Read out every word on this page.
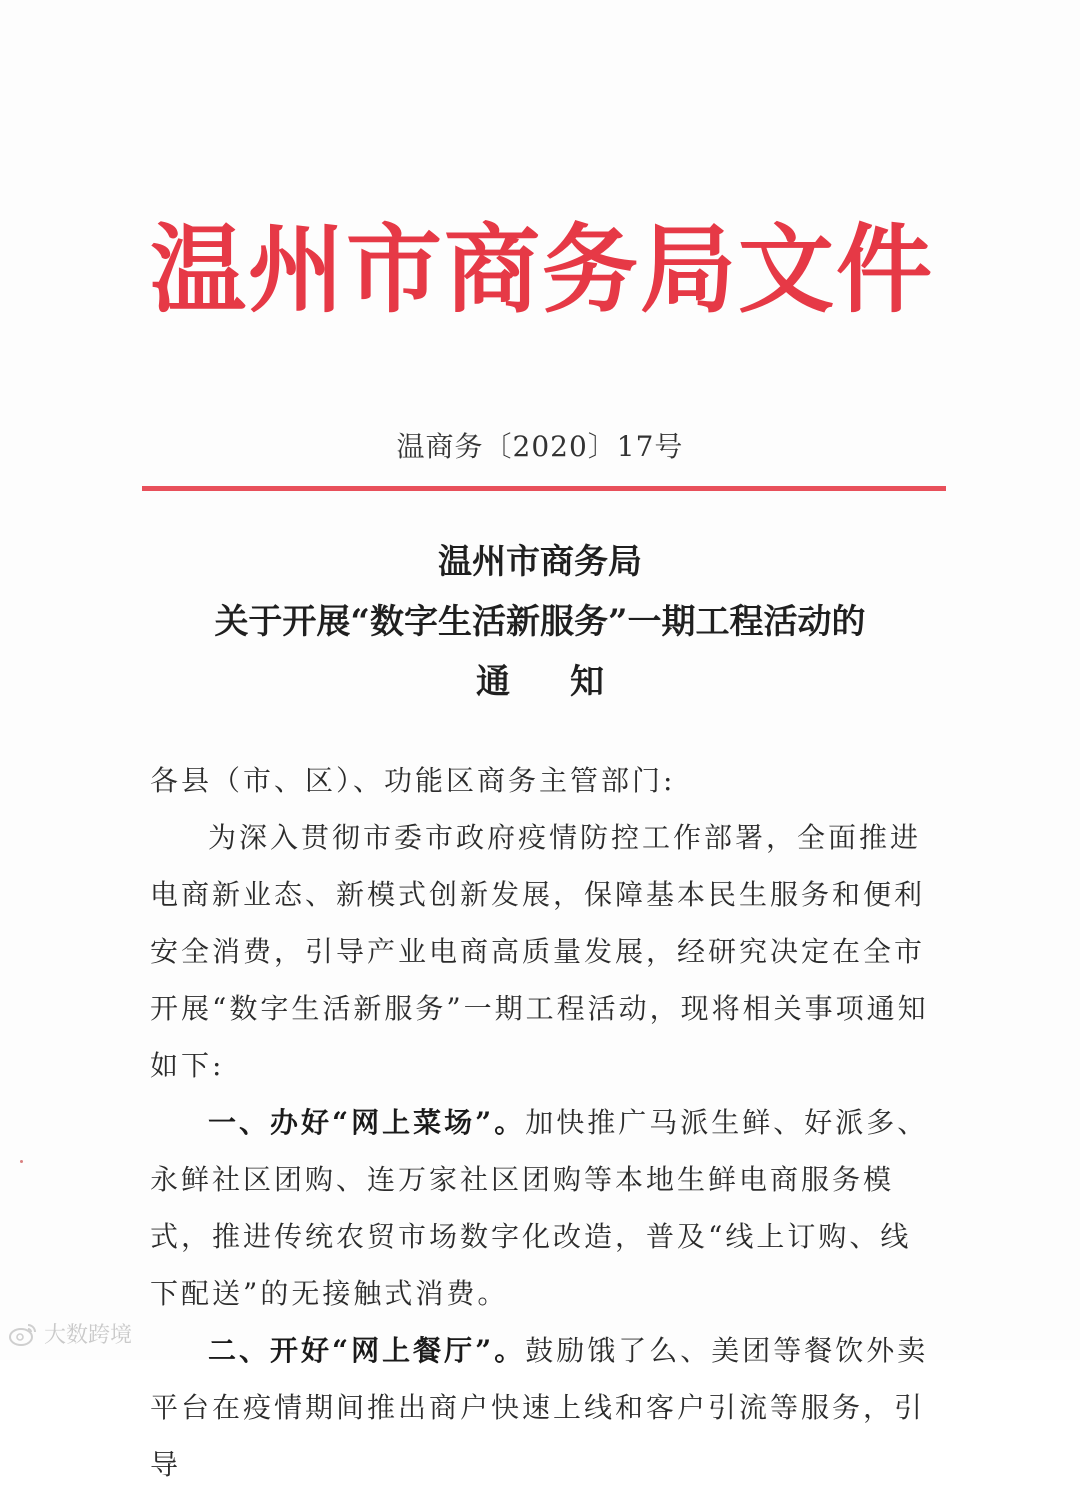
温州市商务局文件
温商务〔2020〕17号
温州市商务局
关于开展“数字生活新服务”一期工程活动的
通知

各县（市、区）、功能区商务主管部门:

为深入贯彻市委市政府疫情防控工作部署，全面推进电商新业态、新模式创新发展，保障基本民生服务和便利安全消费，引导产业电商高质量发展，经研究决定在全市开展“数字生活新服务”一期工程活动，现将相关事项通知如下:

一、办好“网上菜场”。加快推广马派生鲜、好派多、永鲜社区团购、连万家社区团购等本地生鲜电商服务模式，推进传统农贸市场数字化改造，普及“线上订购、线下配送”的无接触式消费。

二、开好“网上餐厅”。鼓励饿了么、美团等餐饮外卖平台在疫情期间推出商户快速上线和客户引流等服务，引导

大数跨境
